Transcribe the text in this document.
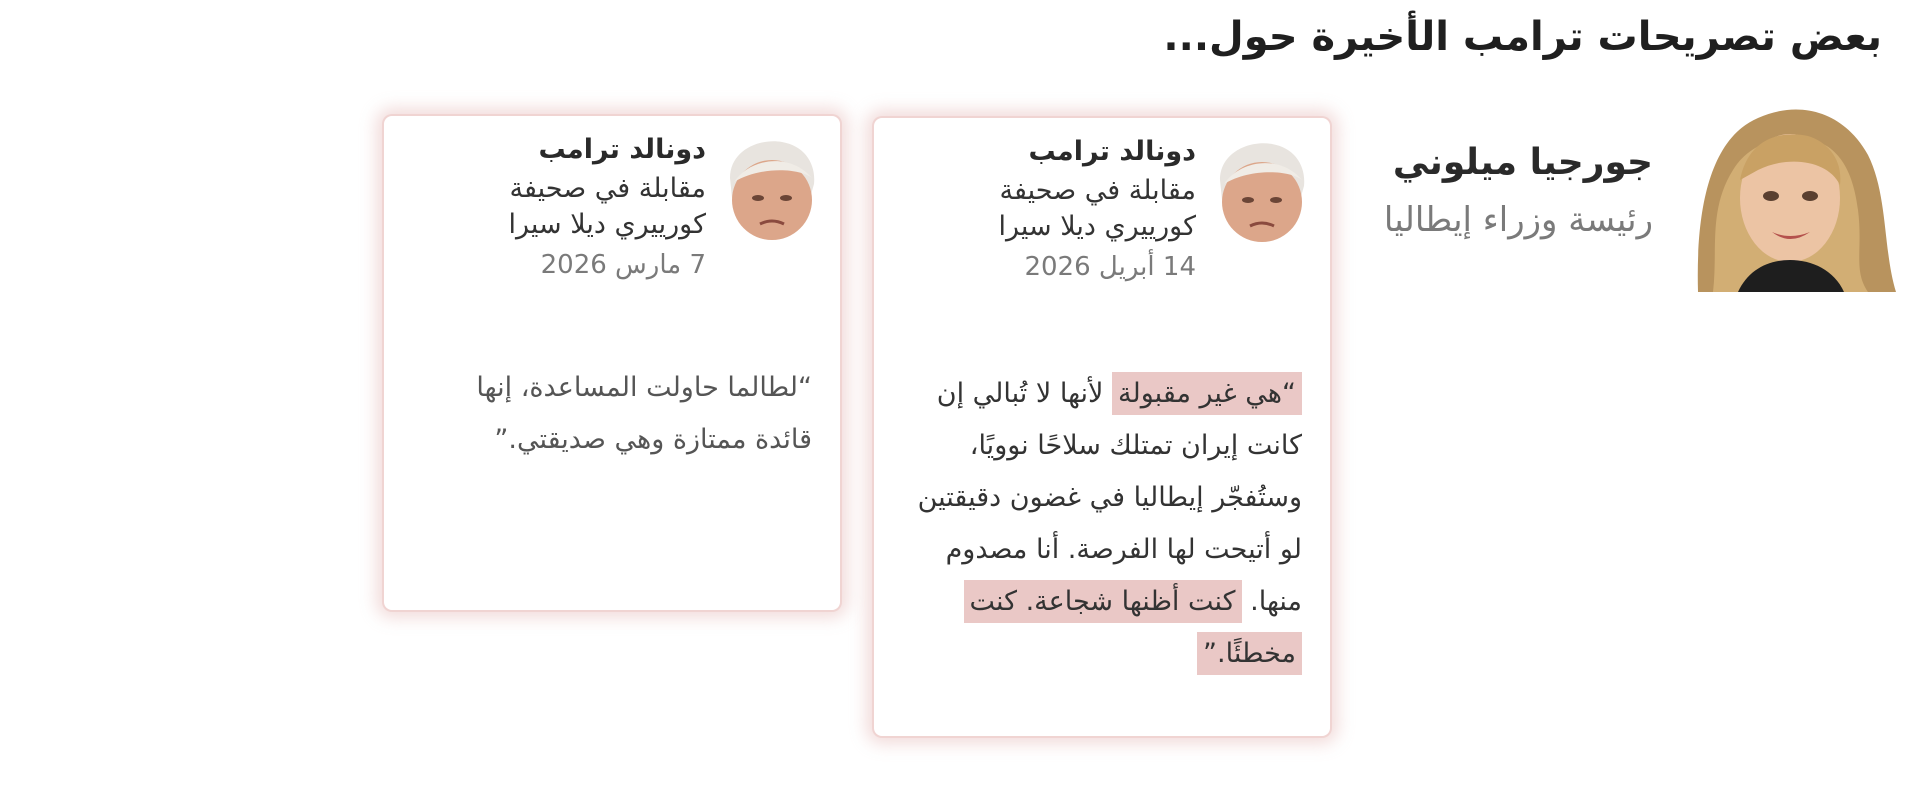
بعض تصريحات ترامب الأخيرة حول...
جورجيا ميلوني
رئيسة وزراء إيطاليا
دونالد ترامب
مقابلة في صحيفة كورييري ديلا سيرا
14 أبريل 2026
“هي غير مقبولة لأنها لا تُبالي إن كانت إيران تمتلك سلاحًا نوويًا، وستُفجّر إيطاليا في غضون دقيقتين لو أتيحت لها الفرصة. أنا مصدوم منها. كنت أظنها شجاعة. كنت مخطئًا.”
دونالد ترامب
مقابلة في صحيفة كورييري ديلا سيرا
7 مارس 2026
“لطالما حاولت المساعدة، إنها قائدة ممتازة وهي صديقتي.”
